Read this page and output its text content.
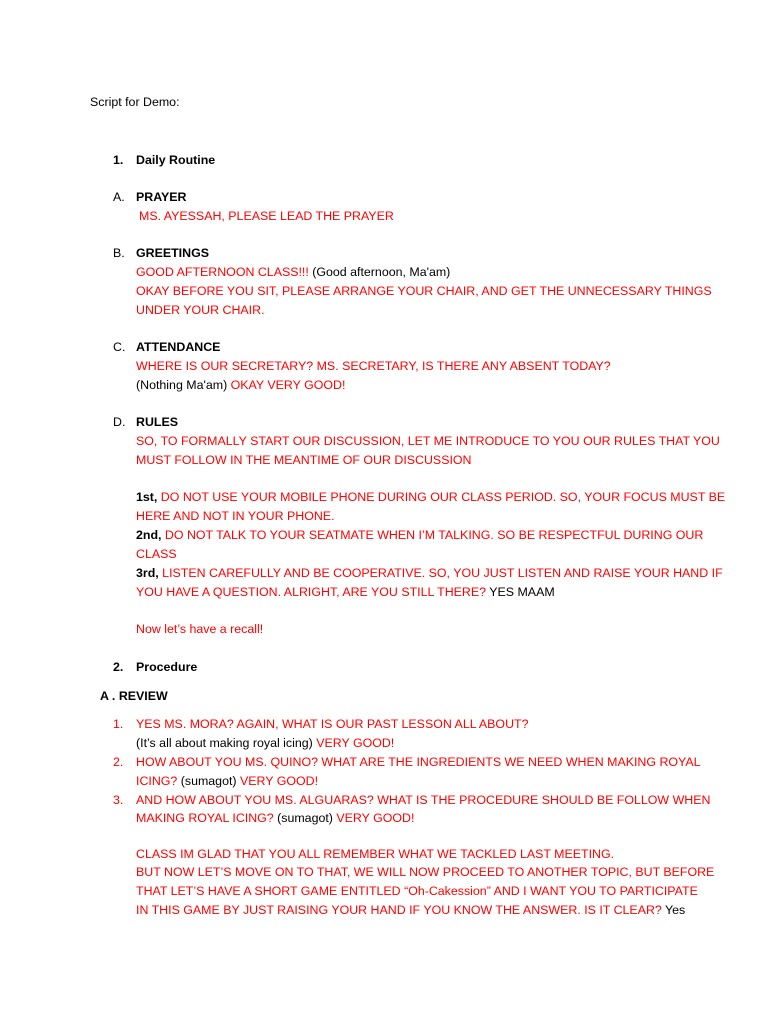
Script for Demo:
1. Daily Routine
A. PRAYER
MS. AYESSAH, PLEASE LEAD THE PRAYER
B. GREETINGS
GOOD AFTERNOON CLASS!!! (Good afternoon, Ma'am)
OKAY BEFORE YOU SIT, PLEASE ARRANGE YOUR CHAIR, AND GET THE UNNECESSARY THINGS
UNDER YOUR CHAIR.
C. ATTENDANCE
WHERE IS OUR SECRETARY? MS. SECRETARY, IS THERE ANY ABSENT TODAY?
(Nothing Ma'am) OKAY VERY GOOD!
D. RULES
SO, TO FORMALLY START OUR DISCUSSION, LET ME INTRODUCE TO YOU OUR RULES THAT YOU
MUST FOLLOW IN THE MEANTIME OF OUR DISCUSSION
1st, DO NOT USE YOUR MOBILE PHONE DURING OUR CLASS PERIOD. SO, YOUR FOCUS MUST BE
HERE AND NOT IN YOUR PHONE.
2nd, DO NOT TALK TO YOUR SEATMATE WHEN I’M TALKING. SO BE RESPECTFUL DURING OUR
CLASS
3rd, LISTEN CAREFULLY AND BE COOPERATIVE. SO, YOU JUST LISTEN AND RAISE YOUR HAND IF
YOU HAVE A QUESTION. ALRIGHT, ARE YOU STILL THERE? YES MAAM
Now let’s have a recall!
2. Procedure
A . REVIEW
1. YES MS. MORA? AGAIN, WHAT IS OUR PAST LESSON ALL ABOUT?
(It’s all about making royal icing) VERY GOOD!
2. HOW ABOUT YOU MS. QUINO? WHAT ARE THE INGREDIENTS WE NEED WHEN MAKING ROYAL
ICING? (sumagot) VERY GOOD!
3. AND HOW ABOUT YOU MS. ALGUARAS? WHAT IS THE PROCEDURE SHOULD BE FOLLOW WHEN
MAKING ROYAL ICING? (sumagot) VERY GOOD!
CLASS IM GLAD THAT YOU ALL REMEMBER WHAT WE TACKLED LAST MEETING.
BUT NOW LET’S MOVE ON TO THAT, WE WILL NOW PROCEED TO ANOTHER TOPIC, BUT BEFORE
THAT LET’S HAVE A SHORT GAME ENTITLED “Oh-Cakession” AND I WANT YOU TO PARTICIPATE
IN THIS GAME BY JUST RAISING YOUR HAND IF YOU KNOW THE ANSWER. IS IT CLEAR? Yes
